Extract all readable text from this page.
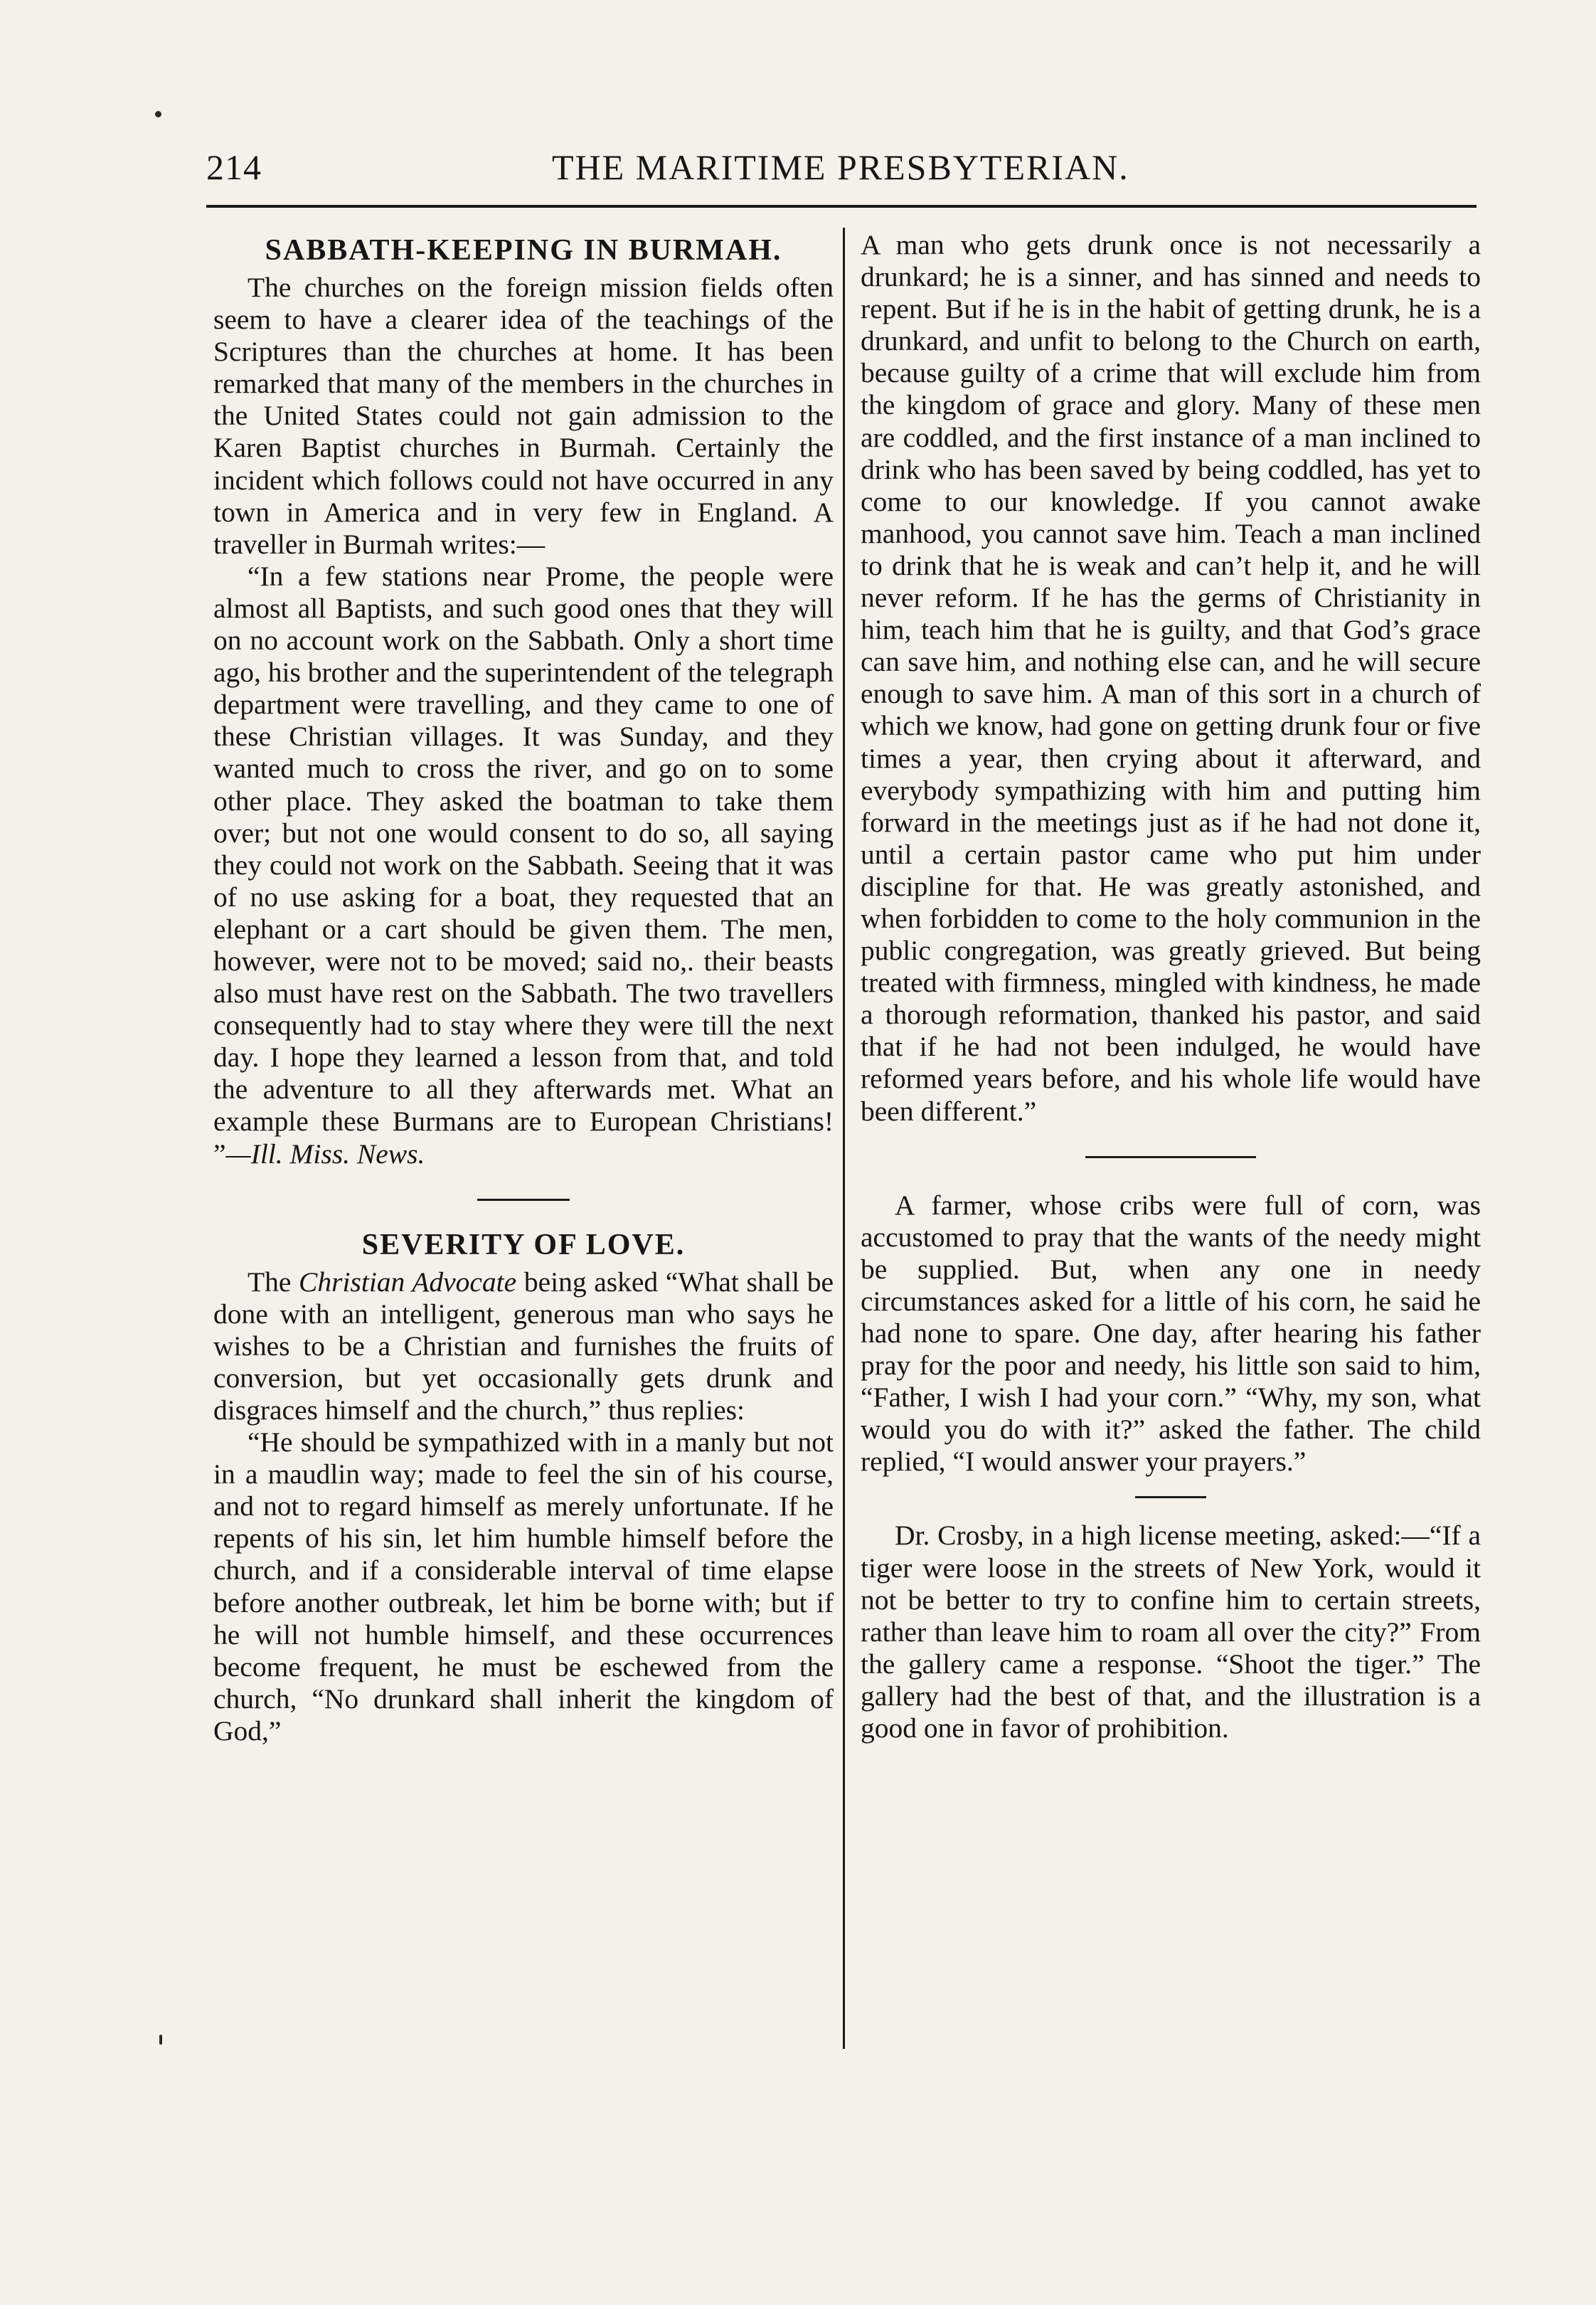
214	THE MARITIME PRESBYTERIAN.
SABBATH-KEEPING IN BURMAH.

The churches on the foreign mission fields often seem to have a clearer idea of the teachings of the Scriptures than the churches at home. It has been remarked that many of the members in the churches in the United States could not gain admission to the Karen Baptist churches in Burmah. Certainly the incident which follows could not have occurred in any town in America and in very few in England. A traveller in Burmah writes:—

“In a few stations near Prome, the people were almost all Baptists, and such good ones that they will on no account work on the Sabbath. Only a short time ago, his brother and the superintendent of the telegraph department were travelling, and they came to one of these Christian villages. It was Sunday, and they wanted much to cross the river, and go on to some other place. They asked the boatman to take them over; but not one would consent to do so, all saying they could not work on the Sabbath. Seeing that it was of no use asking for a boat, they requested that an elephant or a cart should be given them. The men, however, were not to be moved; said no,. their beasts also must have rest on the Sabbath. The two travellers consequently had to stay where they were till the next day. I hope they learned a lesson from that, and told the adventure to all they afterwards met. What an example these Burmans are to European Christians! ”—Ill. Miss. News.

SEVERITY OF LOVE.

The Christian Advocate being asked “What shall be done with an intelligent, generous man who says he wishes to be a Christian and furnishes the fruits of conversion, but yet occasionally gets drunk and disgraces himself and the church,” thus replies:

“He should be sympathized with in a manly but not in a maudlin way; made to feel the sin of his course, and not to regard himself as merely unfortunate. If he repents of his sin, let him humble himself before the church, and if a considerable interval of time elapse before another outbreak, let him be borne with; but if he will not humble himself, and these occurrences become frequent, he must be eschewed from the church, “No drunkard shall inherit the kingdom of God,”

A man who gets drunk once is not necessarily a drunkard; he is a sinner, and has sinned and needs to repent. But if he is in the habit of getting drunk, he is a drunkard, and unfit to belong to the Church on earth, because guilty of a crime that will exclude him from the kingdom of grace and glory. Many of these men are coddled, and the first instance of a man inclined to drink who has been saved by being coddled, has yet to come to our knowledge. If you cannot awake manhood, you cannot save him. Teach a man inclined to drink that he is weak and can’t help it, and he will never reform. If he has the germs of Christianity in him, teach him that he is guilty, and that God’s grace can save him, and nothing else can, and he will secure enough to save him. A man of this sort in a church of which we know, had gone on getting drunk four or five times a year, then crying about it afterward, and everybody sympathizing with him and putting him forward in the meetings just as if he had not done it, until a certain pastor came who put him under discipline for that. He was greatly astonished, and when forbidden to come to the holy communion in the public congregation, was greatly grieved. But being treated with firmness, mingled with kindness, he made a thorough reformation, thanked his pastor, and said that if he had not been indulged, he would have reformed years before, and his whole life would have been different.”

A farmer, whose cribs were full of corn, was accustomed to pray that the wants of the needy might be supplied. But, when any one in needy circumstances asked for a little of his corn, he said he had none to spare. One day, after hearing his father pray for the poor and needy, his little son said to him, “Father, I wish I had your corn.” “Why, my son, what would you do with it?” asked the father. The child replied, “I would answer your prayers.”

Dr. Crosby, in a high license meeting, asked:—“If a tiger were loose in the streets of New York, would it not be better to try to confine him to certain streets, rather than leave him to roam all over the city?” From the gallery came a response. “Shoot the tiger.” The gallery had the best of that, and the illustration is a good one in favor of prohibition.
